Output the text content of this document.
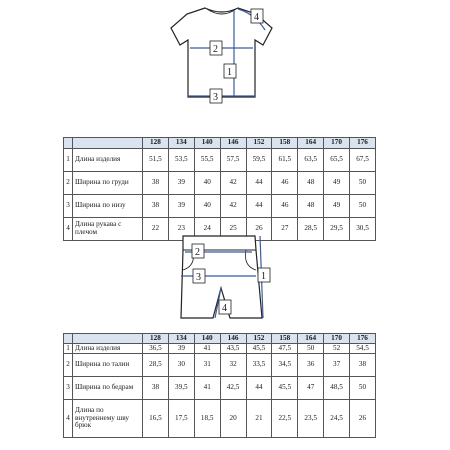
1
2
3
4
		128	134	140	146	152	158	164	170	176
1	Длина изделия	51,5	53,5	55,5	57,5	59,5	61,5	63,5	65,5	67,5
2	Ширина по груди	38	39	40	42	44	46	48	49	50
3	Ширина по низу	38	39	40	42	44	46	48	49	50
4	Длина рукава с плечом	22	23	24	25	26	27	28,5	29,5	30,5
1
2
3
4
		128	134	140	146	152	158	164	170	176
1	Длина изделия	36,5	39	41	43,5	45,5	47,5	50	52	54,5
2	Ширина по талии	28,5	30	31	32	33,5	34,5	36	37	38
3	Ширина по бедрам	38	39,5	41	42,5	44	45,5	47	48,5	50
4	Длина по внутреннему шву брюк	16,5	17,5	18,5	20	21	22,5	23,5	24,5	26
